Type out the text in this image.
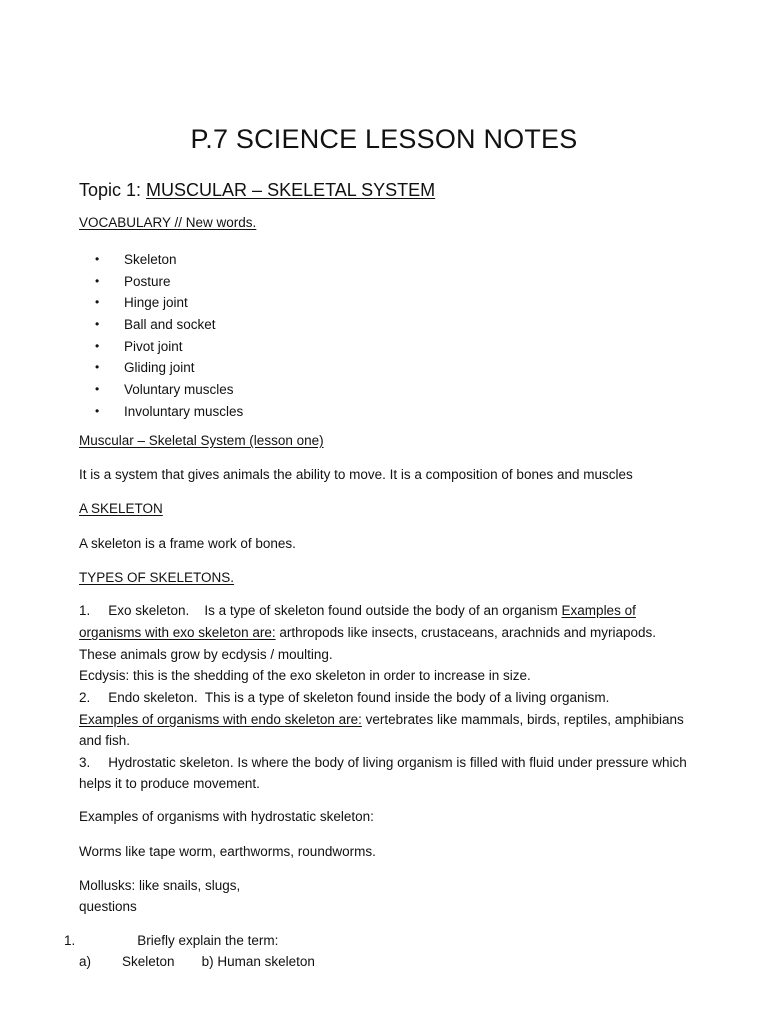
P.7 SCIENCE LESSON NOTES
Topic 1: MUSCULAR – SKELETAL SYSTEM
VOCABULARY // New words.
• Skeleton
• Posture
• Hinge joint
• Ball and socket
• Pivot joint
• Gliding joint
• Voluntary muscles
• Involuntary muscles
Muscular – Skeletal System (lesson one)
It is a system that gives animals the ability to move. It is a composition of bones and muscles
A SKELETON
A skeleton is a frame work of bones.
TYPES OF SKELETONS.
1. Exo skeleton.    Is a type of skeleton found outside the body of an organism Examples of
organisms with exo skeleton are: arthropods like insects, crustaceans, arachnids and myriapods.
These animals grow by ecdysis / moulting.
Ecdysis: this is the shedding of the exo skeleton in order to increase in size.
2. Endo skeleton.  This is a type of skeleton found inside the body of a living organism.
Examples of organisms with endo skeleton are: vertebrates like mammals, birds, reptiles, amphibians
and fish.
3. Hydrostatic skeleton. Is where the body of living organism is filled with fluid under pressure which
helps it to produce movement.
Examples of organisms with hydrostatic skeleton:
Worms like tape worm, earthworms, roundworms.
Mollusks: like snails, slugs,
questions
1.	Briefly explain the term:
a) Skeleton b) Human skeleton
